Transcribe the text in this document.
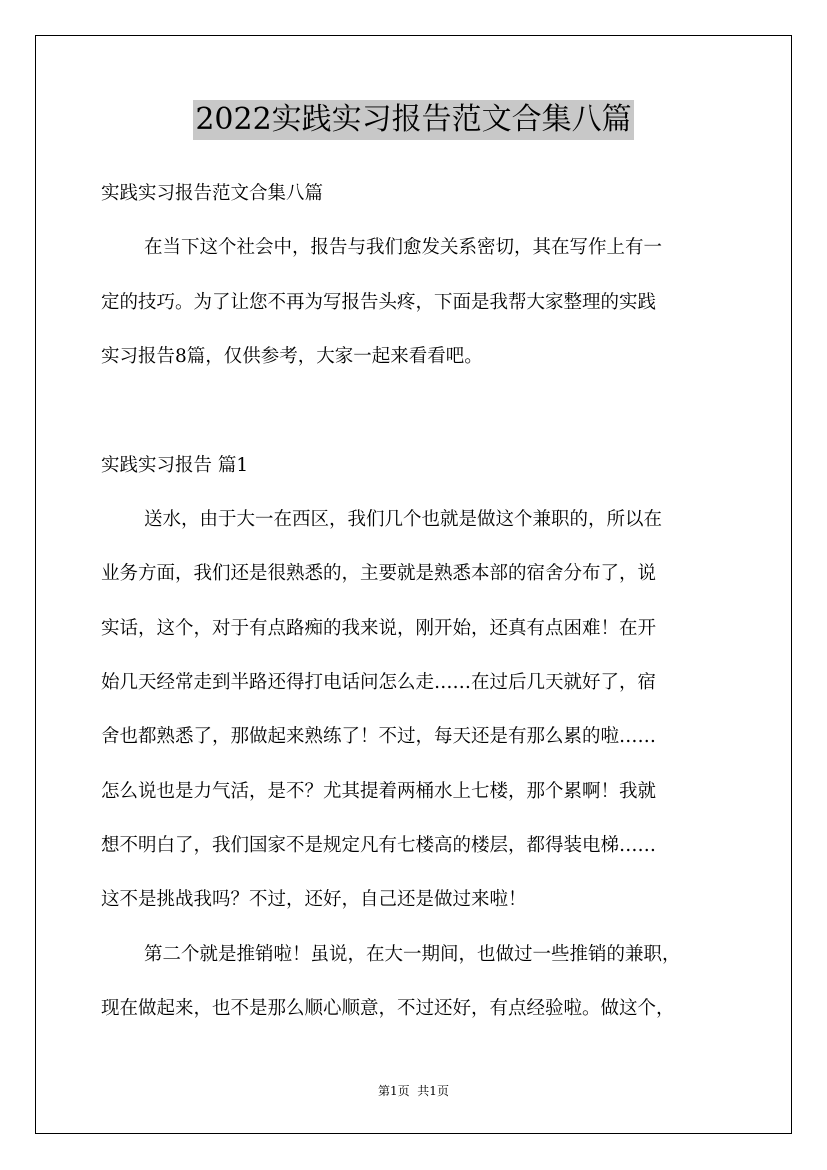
2022实践实习报告范文合集八篇
实践实习报告范文合集八篇
在当下这个社会中，报告与我们愈发关系密切，其在写作上有一
定的技巧。为了让您不再为写报告头疼，下面是我帮大家整理的实践
实习报告8篇，仅供参考，大家一起来看看吧。
实践实习报告 篇1
送水，由于大一在西区，我们几个也就是做这个兼职的，所以在
业务方面，我们还是很熟悉的，主要就是熟悉本部的宿舍分布了，说
实话，这个，对于有点路痴的我来说，刚开始，还真有点困难！在开
始几天经常走到半路还得打电话问怎么走……在过后几天就好了，宿
舍也都熟悉了，那做起来熟练了！不过，每天还是有那么累的啦……
怎么说也是力气活，是不？尤其提着两桶水上七楼，那个累啊！我就
想不明白了，我们国家不是规定凡有七楼高的楼层，都得装电梯……
这不是挑战我吗？不过，还好，自己还是做过来啦！
第二个就是推销啦！虽说，在大一期间，也做过一些推销的兼职，
现在做起来，也不是那么顺心顺意，不过还好，有点经验啦。做这个，
第1页  共1页
